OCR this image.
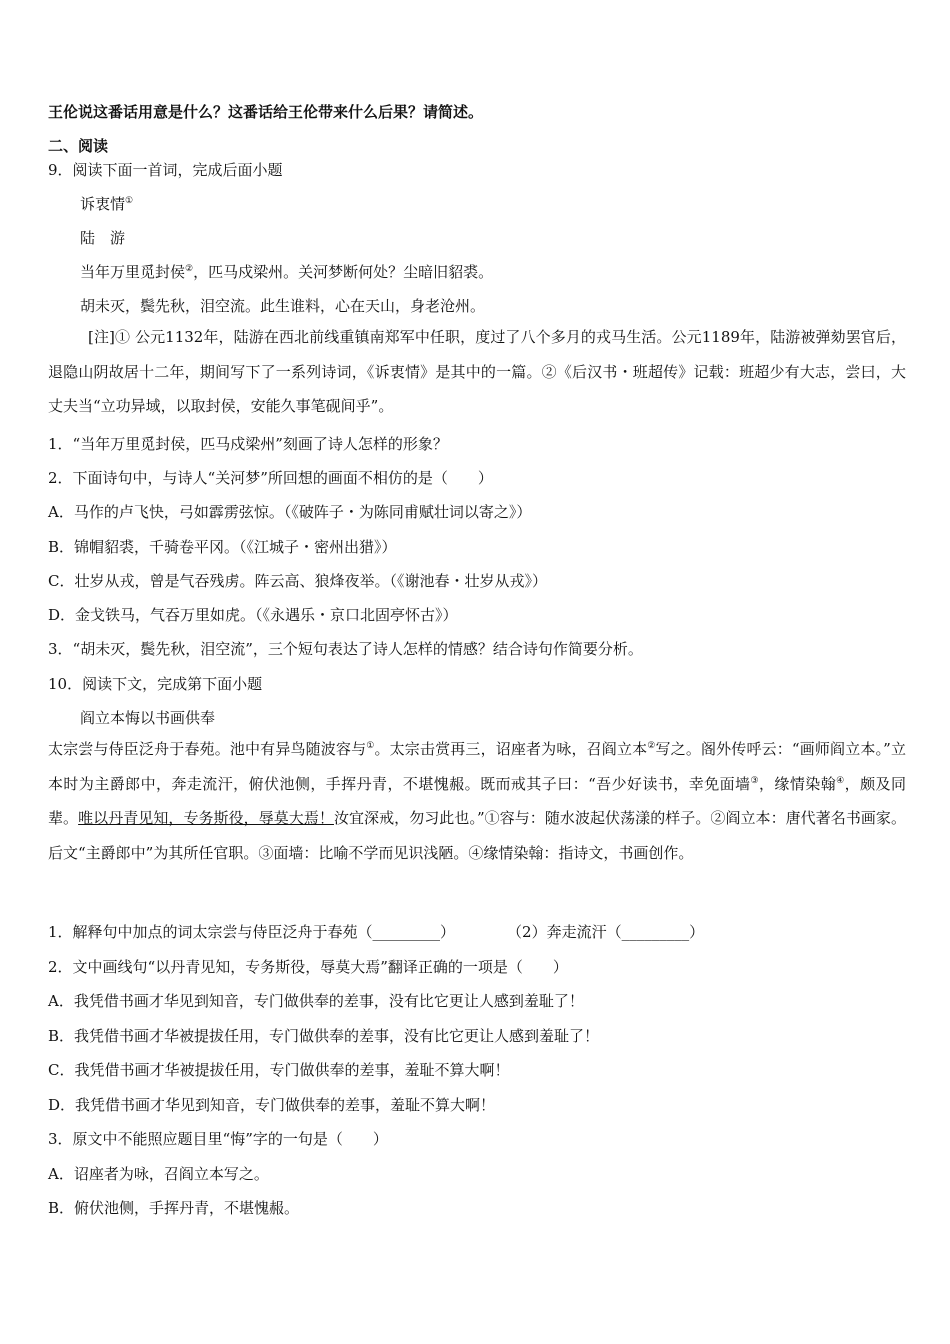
王伦说这番话用意是什么？这番话给王伦带来什么后果？请简述。
二、阅读
9．阅读下面一首词，完成后面小题
诉衷情①
陆　游
当年万里觅封侯②，匹马戍梁州。关河梦断何处？尘暗旧貂裘。
胡未灭，鬓先秋，泪空流。此生谁料，心在天山，身老沧州。
[注]① 公元1132年，陆游在西北前线重镇南郑军中任职，度过了八个多月的戎马生活。公元1189年，陆游被弹劾罢官后，退隐山阴故居十二年，期间写下了一系列诗词，《诉衷情》是其中的一篇。②《后汉书・班超传》记载：班超少有大志，尝曰，大丈夫当“立功异域，以取封侯，安能久事笔砚间乎”。
1．“当年万里觅封侯，匹马戍梁州”刻画了诗人怎样的形象？
2．下面诗句中，与诗人“关河梦”所回想的画面不相仿的是（　　）
A．马作的卢飞快，弓如霹雳弦惊。（《破阵子・为陈同甫赋壮词以寄之》）
B．锦帽貂裘，千骑卷平冈。（《江城子・密州出猎》）
C．壮岁从戎，曾是气吞残虏。阵云高、狼烽夜举。（《谢池春・壮岁从戎》）
D．金戈铁马，气吞万里如虎。（《永遇乐・京口北固亭怀古》）
3．“胡未灭，鬓先秋，泪空流”，三个短句表达了诗人怎样的情感？结合诗句作简要分析。
10．阅读下文，完成第下面小题
阎立本悔以书画供奉
太宗尝与侍臣泛舟于春苑。池中有异鸟随波容与①。太宗击赏再三，诏座者为咏，召阎立本②写之。阁外传呼云：“画师阎立本。”立本时为主爵郎中，奔走流汗，俯伏池侧，手挥丹青，不堪愧赧。既而戒其子曰：“吾少好读书，幸免面墙③，缘情染翰④，颇及同辈。唯以丹青见知，专务斯役，辱莫大焉！汝宜深戒，勿习此也。”①容与：随水波起伏荡漾的样子。②阎立本：唐代著名书画家。后文“主爵郎中”为其所任官职。③面墙：比喻不学而见识浅陋。④缘情染翰：指诗文，书画创作。
1．解释句中加点的词太宗尝与侍臣泛舟于春苑（_________）	（2）奔走流汗（_________）
2．文中画线句“以丹青见知，专务斯役，辱莫大焉”翻译正确的一项是（　　）
A．我凭借书画才华见到知音，专门做供奉的差事，没有比它更让人感到羞耻了！
B．我凭借书画才华被提拔任用，专门做供奉的差事，没有比它更让人感到羞耻了！
C．我凭借书画才华被提拔任用，专门做供奉的差事，羞耻不算大啊！
D．我凭借书画才华见到知音，专门做供奉的差事，羞耻不算大啊！
3．原文中不能照应题目里“悔”字的一句是（　　）
A．诏座者为咏，召阎立本写之。
B．俯伏池侧，手挥丹青，不堪愧赧。
